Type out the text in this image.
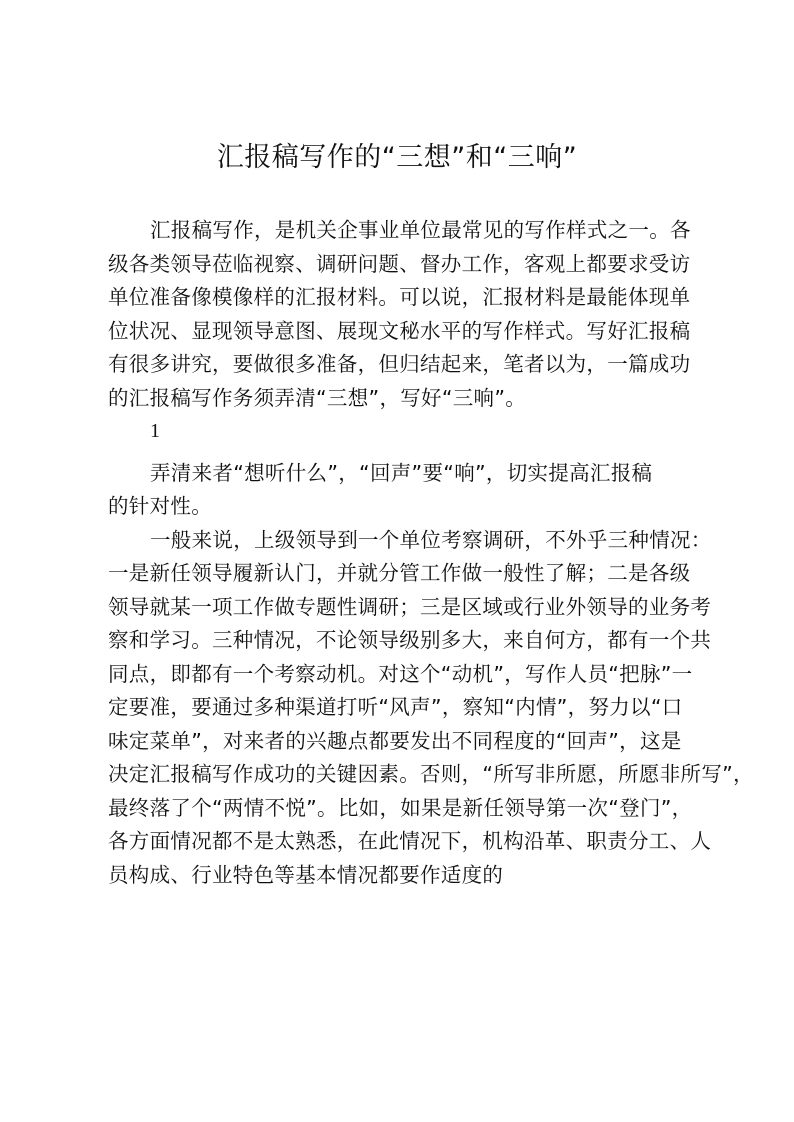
汇报稿写作的“三想”和“三响”
汇报稿写作，是机关企事业单位最常见的写作样式之一。各
级各类领导莅临视察、调研问题、督办工作，客观上都要求受访
单位准备像模像样的汇报材料。可以说，汇报材料是最能体现单
位状况、显现领导意图、展现文秘水平的写作样式。写好汇报稿
有很多讲究，要做很多准备，但归结起来，笔者以为，一篇成功
的汇报稿写作务须弄清“三想”，写好“三响”。
1
弄清来者“想听什么”，“回声”要“响”，切实提高汇报稿
的针对性。
一般来说，上级领导到一个单位考察调研，不外乎三种情况：
一是新任领导履新认门，并就分管工作做一般性了解；二是各级
领导就某一项工作做专题性调研；三是区域或行业外领导的业务考
察和学习。三种情况，不论领导级别多大，来自何方，都有一个共
同点，即都有一个考察动机。对这个“动机”，写作人员“把脉”一
定要准，要通过多种渠道打听“风声”，察知“内情”，努力以“口
味定菜单”，对来者的兴趣点都要发出不同程度的“回声”，这是
决定汇报稿写作成功的关键因素。否则，“所写非所愿，所愿非所写”，
最终落了个“两情不悦”。比如，如果是新任领导第一次“登门”，
各方面情况都不是太熟悉，在此情况下，机构沿革、职责分工、人
员构成、行业特色等基本情况都要作适度的
